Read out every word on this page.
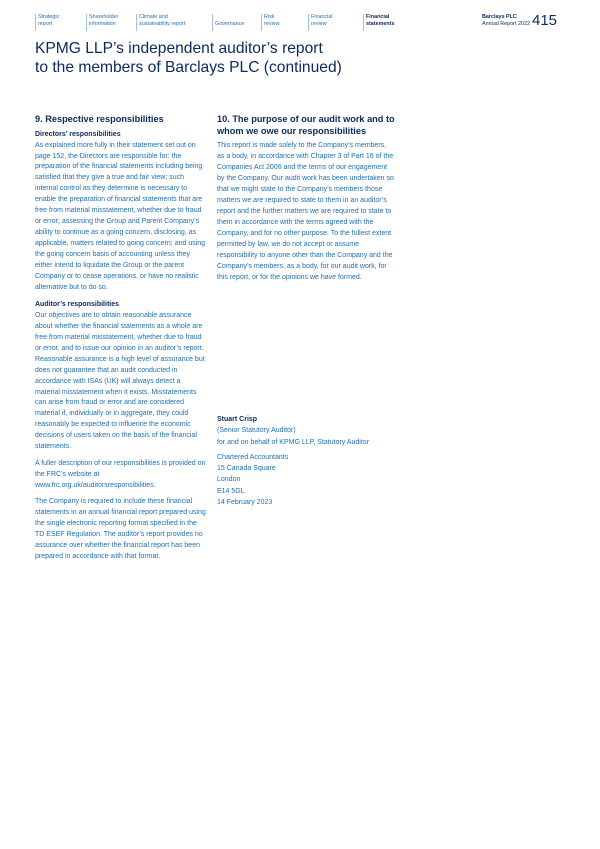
Strategic
report
Shareholder
information
Climate and
sustainability report
	Governance
Risk
review
Financial
review
Financial
statements
Barclays PLC
Annual Report 2022 415
KPMG LLP’s independent auditor’s report
to the members of Barclays PLC (continued)
9. Respective responsibilities
Directors’ responsibilities
As explained more fully in their statement set out on page 152, the Directors are responsible for: the preparation of the financial statements including being satisfied that they give a true and fair view; such internal control as they determine is necessary to enable the preparation of financial statements that are free from material misstatement, whether due to fraud or error; assessing the Group and Parent Company’s ability to continue as a going concern, disclosing, as applicable, matters related to going concern; and using the going concern basis of accounting unless they either intend to liquidate the Group or the parent Company or to cease operations, or have no realistic alternative but to do so.
Auditor’s responsibilities
Our objectives are to obtain reasonable assurance about whether the financial statements as a whole are free from material misstatement, whether due to fraud or error, and to issue our opinion in an auditor’s report. Reasonable assurance is a high level of assurance but does not guarantee that an audit conducted in accordance with ISAs (UK) will always detect a material misstatement when it exists. Misstatements can arise from fraud or error and are considered material if, individually or in aggregate, they could reasonably be expected to influence the economic decisions of users taken on the basis of the financial statements.
A fuller description of our responsibilities is provided on the FRC’s website at www.frc.org.uk/auditorsresponsibilities.
The Company is required to include these financial statements in an annual financial report prepared using the single electronic reporting format specified in the TD ESEF Regulation. The auditor’s report provides no assurance over whether the financial report has been prepared in accordance with that format.
10. The purpose of our audit work and to whom we owe our responsibilities
This report is made solely to the Company’s members, as a body, in accordance with Chapter 3 of Part 16 of the Companies Act 2006 and the terms of our engagement by the Company. Our audit work has been undertaken so that we might state to the Company’s members those matters we are required to state to them in an auditor’s report and the further matters we are required to state to them in accordance with the terms agreed with the Company, and for no other purpose. To the fullest extent permitted by law, we do not accept or assume responsibility to anyone other than the Company and the Company’s members, as a body, for our audit work, for this report, or for the opinions we have formed.
Stuart Crisp
(Senior Statutory Auditor)
for and on behalf of KPMG LLP, Statutory Auditor
Chartered Accountants
15 Canada Square
London
E14 5GL
14 February 2023
